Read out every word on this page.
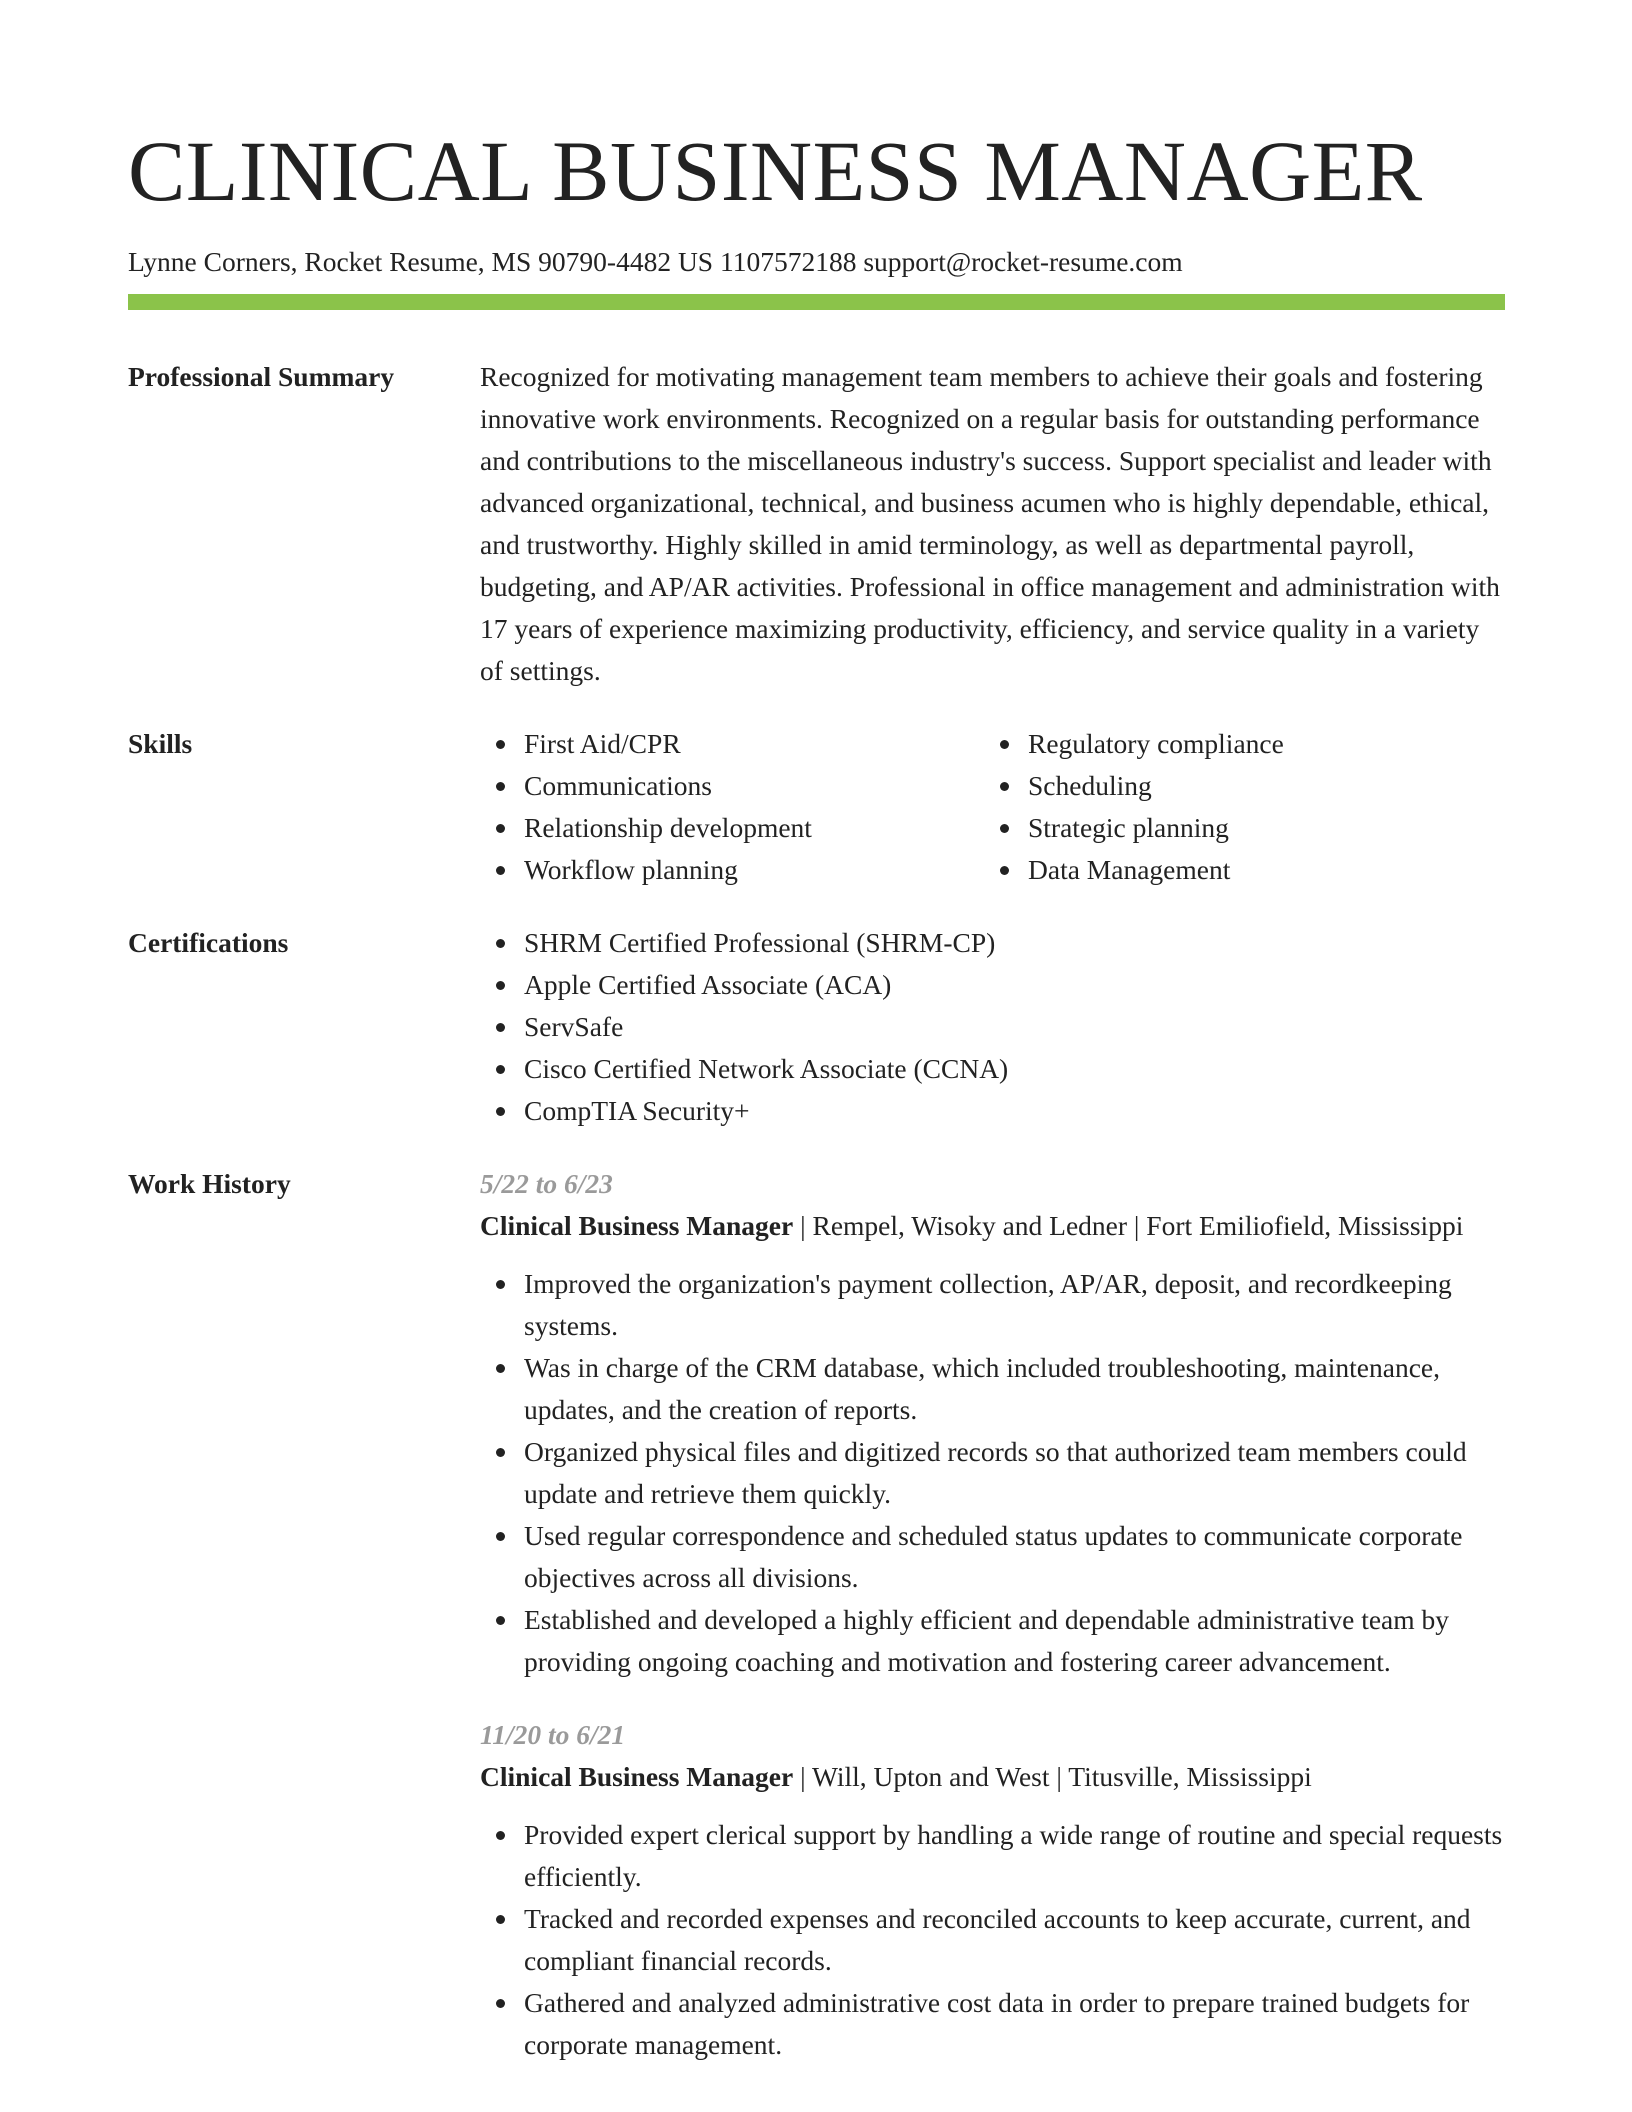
CLINICAL BUSINESS MANAGER
Lynne Corners, Rocket Resume, MS 90790-4482 US 1107572188 support@rocket-resume.com
Professional Summary	Recognized for motivating management team members to achieve their goals and fostering innovative work environments. Recognized on a regular basis for outstanding performance and contributions to the miscellaneous industry's success. Support specialist and leader with advanced organizational, technical, and business acumen who is highly dependable, ethical, and trustworthy. Highly skilled in amid terminology, as well as departmental payroll, budgeting, and AP/AR activities. Professional in office management and administration with 17 years of experience maximizing productivity, efficiency, and service quality in a variety of settings.

Skills	First Aid/CPR
Communications
Relationship development
Workflow planning
Regulatory compliance
Scheduling
Strategic planning
Data Management
Certifications	SHRM Certified Professional (SHRM-CP)
Apple Certified Associate (ACA)
ServSafe
Cisco Certified Network Associate (CCNA)
CompTIA Security+
Work History	5/22 to 6/23
Clinical Business Manager | Rempel, Wisoky and Ledner | Fort Emiliofield, Mississippi
Improved the organization's payment collection, AP/AR, deposit, and recordkeeping systems.
Was in charge of the CRM database, which included troubleshooting, maintenance, updates, and the creation of reports.
Organized physical files and digitized records so that authorized team members could update and retrieve them quickly.
Used regular correspondence and scheduled status updates to communicate corporate objectives across all divisions.
Established and developed a highly efficient and dependable administrative team by providing ongoing coaching and motivation and fostering career advancement.
11/20 to 6/21
Clinical Business Manager | Will, Upton and West | Titusville, Mississippi
Provided expert clerical support by handling a wide range of routine and special requests efficiently.
Tracked and recorded expenses and reconciled accounts to keep accurate, current, and compliant financial records.
Gathered and analyzed administrative cost data in order to prepare trained budgets for corporate management.
